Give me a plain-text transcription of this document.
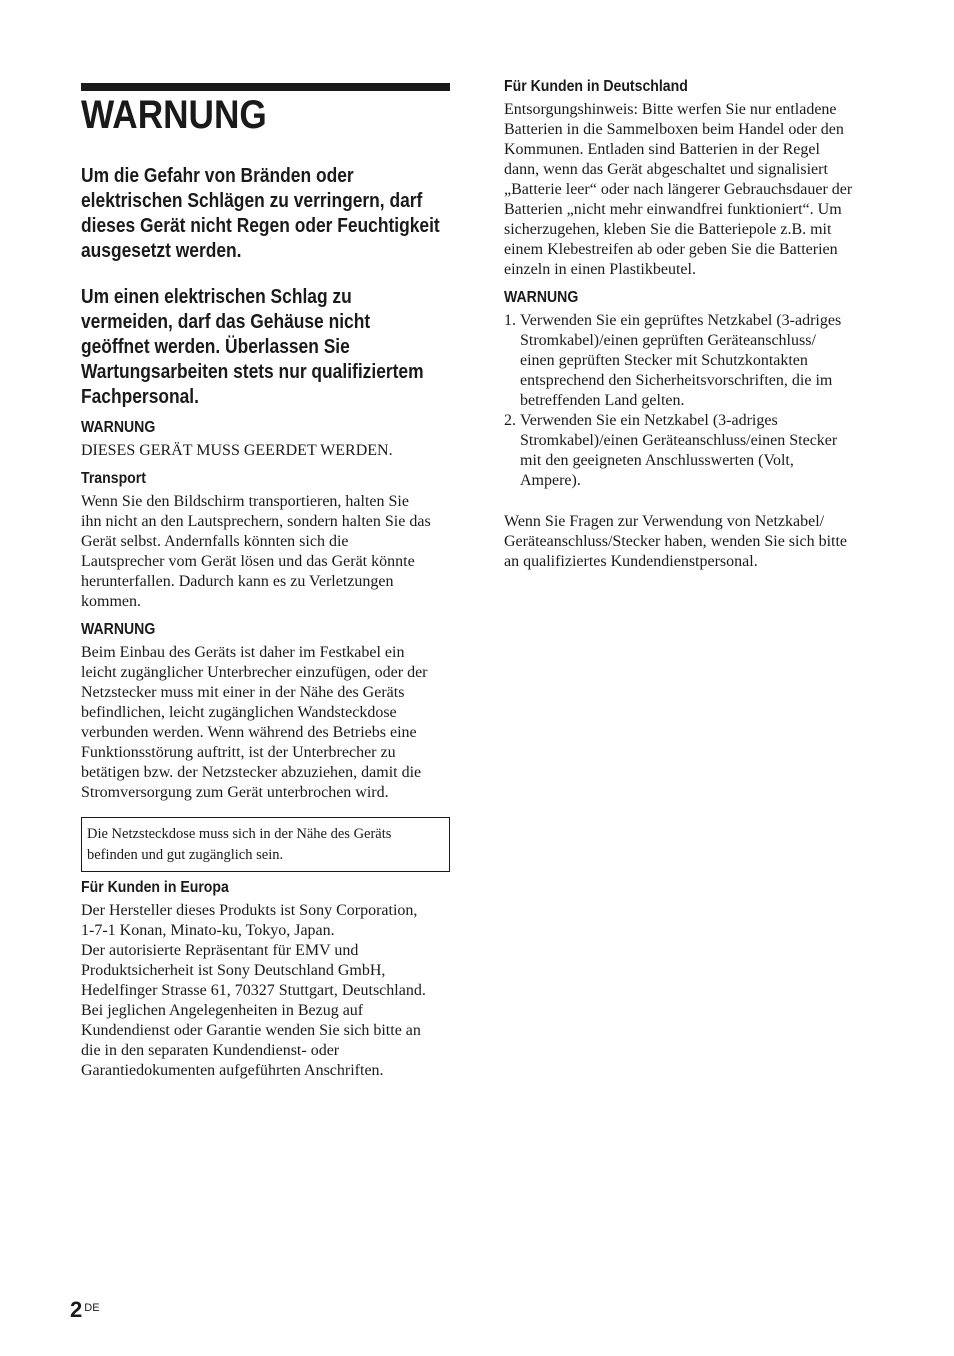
WARNUNG

Um die Gefahr von Bränden oder
elektrischen Schlägen zu verringern, darf
dieses Gerät nicht Regen oder Feuchtigkeit
ausgesetzt werden.

Um einen elektrischen Schlag zu
vermeiden, darf das Gehäuse nicht
geöffnet werden. Überlassen Sie
Wartungsarbeiten stets nur qualifiziertem
Fachpersonal.

WARNUNG

DIESES GERÄT MUSS GEERDET WERDEN.

Transport

Wenn Sie den Bildschirm transportieren, halten Sie
ihn nicht an den Lautsprechern, sondern halten Sie das
Gerät selbst. Andernfalls könnten sich die
Lautsprecher vom Gerät lösen und das Gerät könnte
herunterfallen. Dadurch kann es zu Verletzungen
kommen.

WARNUNG

Beim Einbau des Geräts ist daher im Festkabel ein
leicht zugänglicher Unterbrecher einzufügen, oder der
Netzstecker muss mit einer in der Nähe des Geräts
befindlichen, leicht zugänglichen Wandsteckdose
verbunden werden. Wenn während des Betriebs eine
Funktionsstörung auftritt, ist der Unterbrecher zu
betätigen bzw. der Netzstecker abzuziehen, damit die
Stromversorgung zum Gerät unterbrochen wird.

Für Kunden in Europa

Der Hersteller dieses Produkts ist Sony Corporation,
1-7-1 Konan, Minato-ku, Tokyo, Japan.
Der autorisierte Repräsentant für EMV und
Produktsicherheit ist Sony Deutschland GmbH,
Hedelfinger Strasse 61, 70327 Stuttgart, Deutschland.
Bei jeglichen Angelegenheiten in Bezug auf
Kundendienst oder Garantie wenden Sie sich bitte an
die in den separaten Kundendienst- oder
Garantiedokumenten aufgeführten Anschriften.

Die Netzsteckdose muss sich in der Nähe des Geräts
befinden und gut zugänglich sein.

Für Kunden in Deutschland

Entsorgungshinweis: Bitte werfen Sie nur entladene
Batterien in die Sammelboxen beim Handel oder den
Kommunen. Entladen sind Batterien in der Regel
dann, wenn das Gerät abgeschaltet und signalisiert
„Batterie leer“ oder nach längerer Gebrauchsdauer der
Batterien „nicht mehr einwandfrei funktioniert“. Um
sicherzugehen, kleben Sie die Batteriepole z.B. mit
einem Klebestreifen ab oder geben Sie die Batterien
einzeln in einen Plastikbeutel.

WARNUNG
1. Verwenden Sie ein geprüftes Netzkabel (3-adriges
Stromkabel)/einen geprüften Geräteanschluss/
einen geprüften Stecker mit Schutzkontakten
entsprechend den Sicherheitsvorschriften, die im
betreffenden Land gelten.
2. Verwenden Sie ein Netzkabel (3-adriges
Stromkabel)/einen Geräteanschluss/einen Stecker
mit den geeigneten Anschlusswerten (Volt,
Ampere).

Wenn Sie Fragen zur Verwendung von Netzkabel/
Geräteanschluss/Stecker haben, wenden Sie sich bitte
an qualifiziertes Kundendienstpersonal.

2 $^{DE}$
